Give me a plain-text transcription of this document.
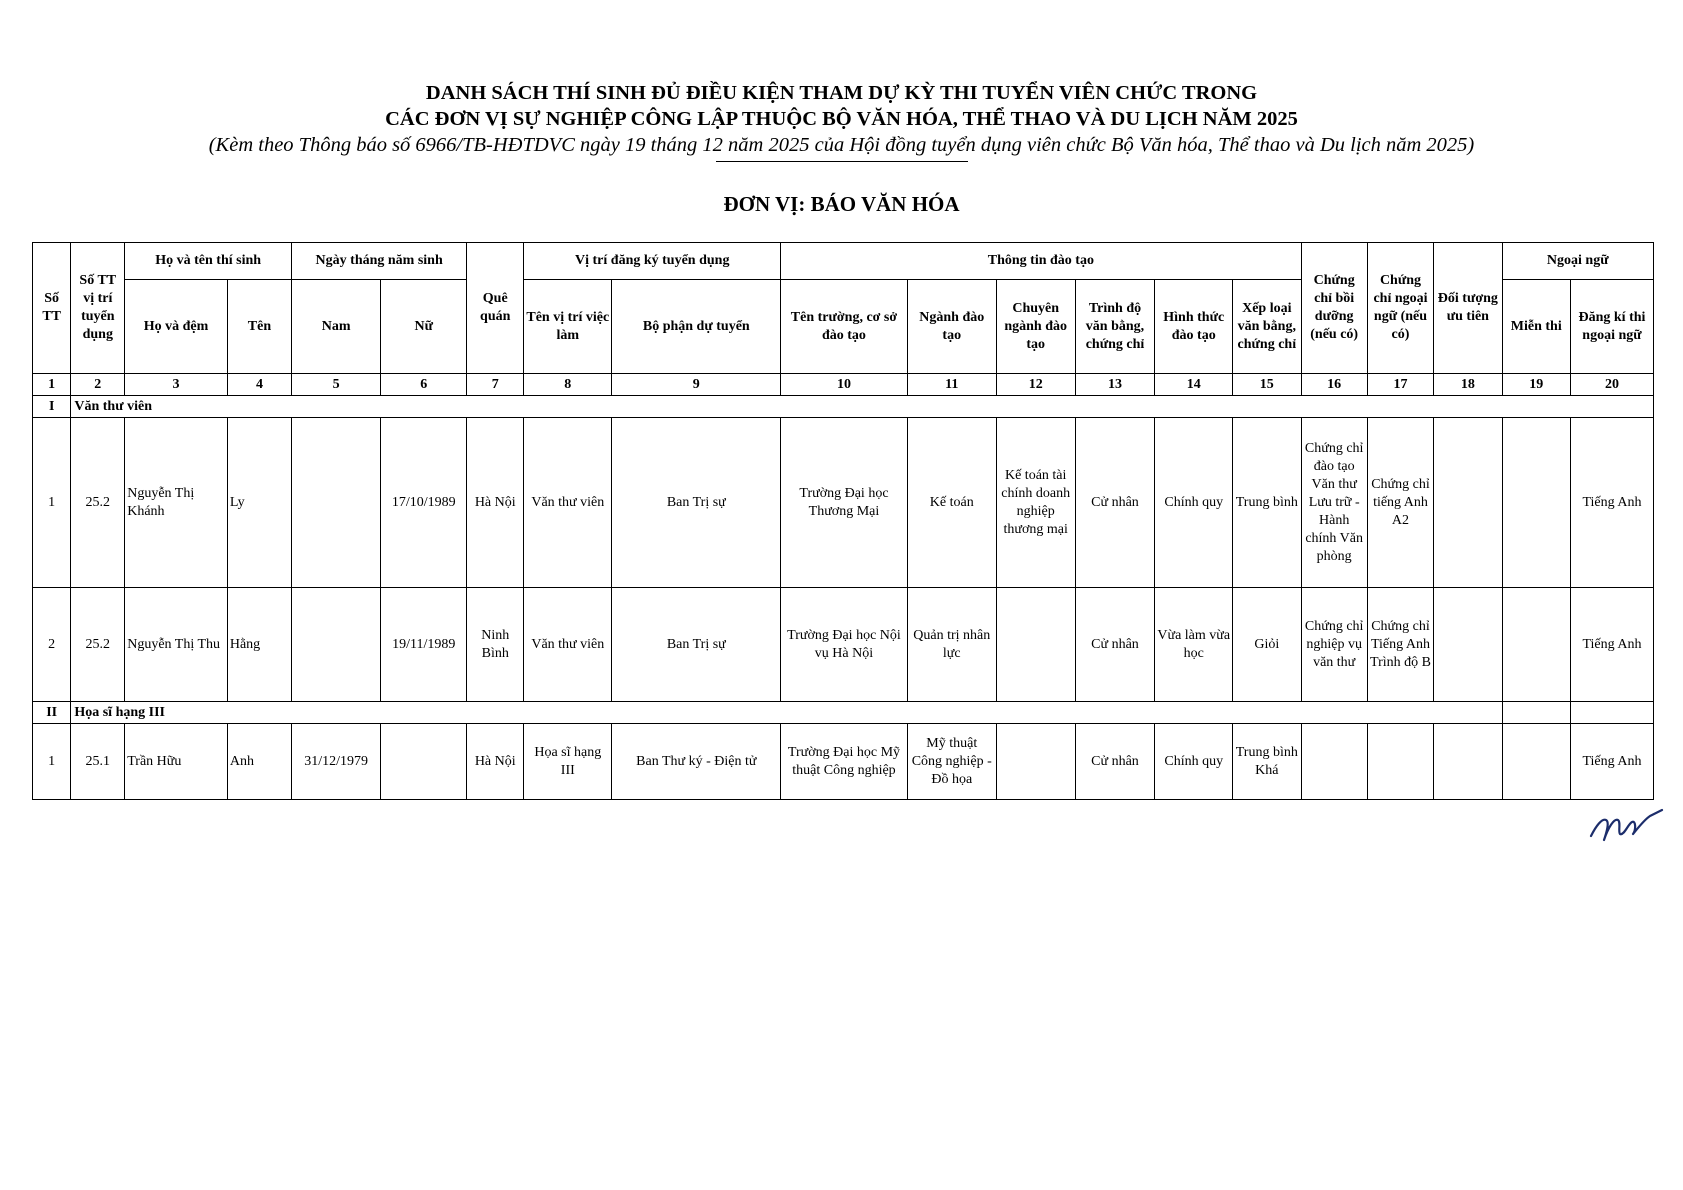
DANH SÁCH THÍ SINH ĐỦ ĐIỀU KIỆN THAM DỰ KỲ THI TUYỂN VIÊN CHỨC TRONG
CÁC ĐƠN VỊ SỰ NGHIỆP CÔNG LẬP THUỘC BỘ VĂN HÓA, THỂ THAO VÀ DU LỊCH NĂM 2025
(Kèm theo Thông báo số 6966/TB-HĐTDVC ngày 19 tháng 12 năm 2025 của Hội đồng tuyển dụng viên chức Bộ Văn hóa, Thể thao và Du lịch năm 2025)
ĐƠN VỊ: BÁO VĂN HÓA
Số TT	Số TT vị trí tuyển dụng	Họ và tên thí sinh		Ngày tháng năm sinh		Quê quán	Vị trí đăng ký tuyển dụng		Thông tin đào tạo						Chứng chỉ bồi dưỡng (nếu có)	Chứng chỉ ngoại ngữ (nếu có)	Đối tượng ưu tiên	Ngoại ngữ	
		Họ và đệm	Tên	Nam	Nữ		Tên vị trí việc làm	Bộ phận dự tuyển	Tên trường, cơ sở đào tạo	Ngành đào tạo	Chuyên ngành đào tạo	Trình độ văn bằng, chứng chỉ	Hình thức đào tạo	Xếp loại văn bằng, chứng chỉ				Miễn thi	Đăng kí thi ngoại ngữ
1	2	3	4	5	6	7	8	9	10	11	12	13	14	15	16	17	18	19	20
I	Văn thư viên																		
1	25.2	Nguyễn Thị Khánh	Ly		17/10/1989	Hà Nội	Văn thư viên	Ban Trị sự	Trường Đại học Thương Mại	Kế toán	Kế toán tài chính doanh nghiệp thương mại	Cử nhân	Chính quy	Trung bình	Chứng chỉ đào tạo Văn thư Lưu trữ - Hành chính Văn phòng	Chứng chỉ tiếng Anh A2			Tiếng Anh
2	25.2	Nguyễn Thị Thu	Hằng		19/11/1989	Ninh Bình	Văn thư viên	Ban Trị sự	Trường Đại học Nội vụ Hà Nội	Quản trị nhân lực		Cử nhân	Vừa làm vừa học	Giỏi	Chứng chỉ nghiệp vụ văn thư	Chứng chỉ Tiếng Anh Trình độ B			Tiếng Anh
II	Họa sĩ hạng III																		
1	25.1	Trần Hữu	Anh	31/12/1979		Hà Nội	Họa sĩ hạng III	Ban Thư ký - Điện tử	Trường Đại học Mỹ thuật Công nghiệp	Mỹ thuật Công nghiệp - Đồ họa		Cử nhân	Chính quy	Trung bình Khá					Tiếng Anh
